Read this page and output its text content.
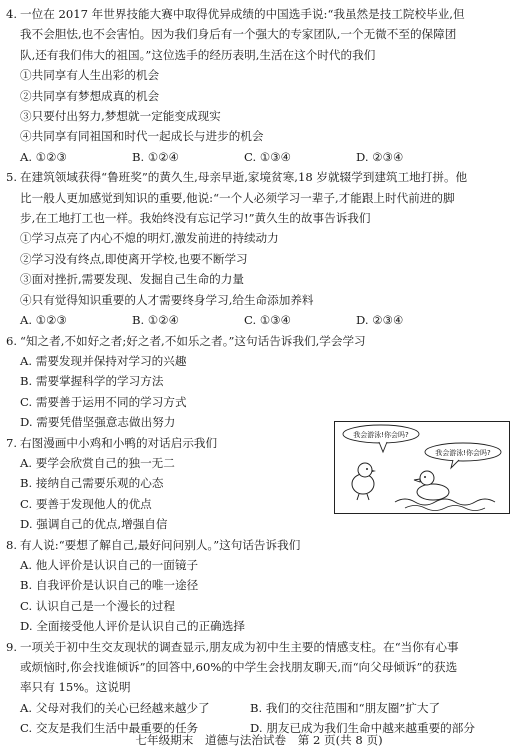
4. 一位在 2017 年世界技能大赛中取得优异成绩的中国选手说:“我虽然是技工院校毕业,但
我不会胆怯,也不会害怕。因为我们身后有一个强大的专家团队,一个无微不至的保障团
队,还有我们伟大的祖国。”这位选手的经历表明,生活在这个时代的我们
①共同享有人生出彩的机会
②共同享有梦想成真的机会
③只要付出努力,梦想就一定能变成现实
④共同享有同祖国和时代一起成长与进步的机会
A. ①②③	B. ①②④	C. ①③④	D. ②③④
5. 在建筑领域获得“鲁班奖”的黄久生,母亲早逝,家境贫寒,18 岁就辍学到建筑工地打拼。他
比一般人更加感觉到知识的重要,他说:“一个人必须学习一辈子,才能跟上时代前进的脚
步,在工地打工也一样。我始终没有忘记学习!”黄久生的故事告诉我们
①学习点亮了内心不熄的明灯,激发前进的持续动力
②学习没有终点,即使离开学校,也要不断学习
③面对挫折,需要发现、发掘自己生命的力量
④只有觉得知识重要的人才需要终身学习,给生命添加养料
A. ①②③	B. ①②④	C. ①③④	D. ②③④
6. “知之者,不如好之者;好之者,不如乐之者。”这句话告诉我们,学会学习
A. 需要发现并保持对学习的兴趣
B. 需要掌握科学的学习方法
C. 需要善于运用不同的学习方式
D. 需要凭借坚强意志做出努力
7. 右图漫画中小鸡和小鸭的对话启示我们
A. 要学会欣赏自己的独一无二
B. 接纳自己需要乐观的心态
C. 要善于发现他人的优点
D. 强调自己的优点,增强自信
8. 有人说:“要想了解自己,最好问问别人。”这句话告诉我们
A. 他人评价是认识自己的一面镜子
B. 自我评价是认识自己的唯一途径
C. 认识自己是一个漫长的过程
D. 全面接受他人评价是认识自己的正确选择
9. 一项关于初中生交友现状的调查显示,朋友成为初中生主要的情感支柱。在“当你有心事
或烦恼时,你会找谁倾诉”的回答中,60%的中学生会找朋友聊天,而“向父母倾诉”的获选
率只有 15%。这说明
A. 父母对我们的关心已经越来越少了	B. 我们的交往范围和“朋友圈”扩大了
C. 交友是我们生活中最重要的任务	D. 朋友已成为我们生命中越来越重要的部分
我会游泳!你会吗?
我会游泳!你会吗?
七年级期末　道德与法治试卷　第 2 页(共 8 页)
